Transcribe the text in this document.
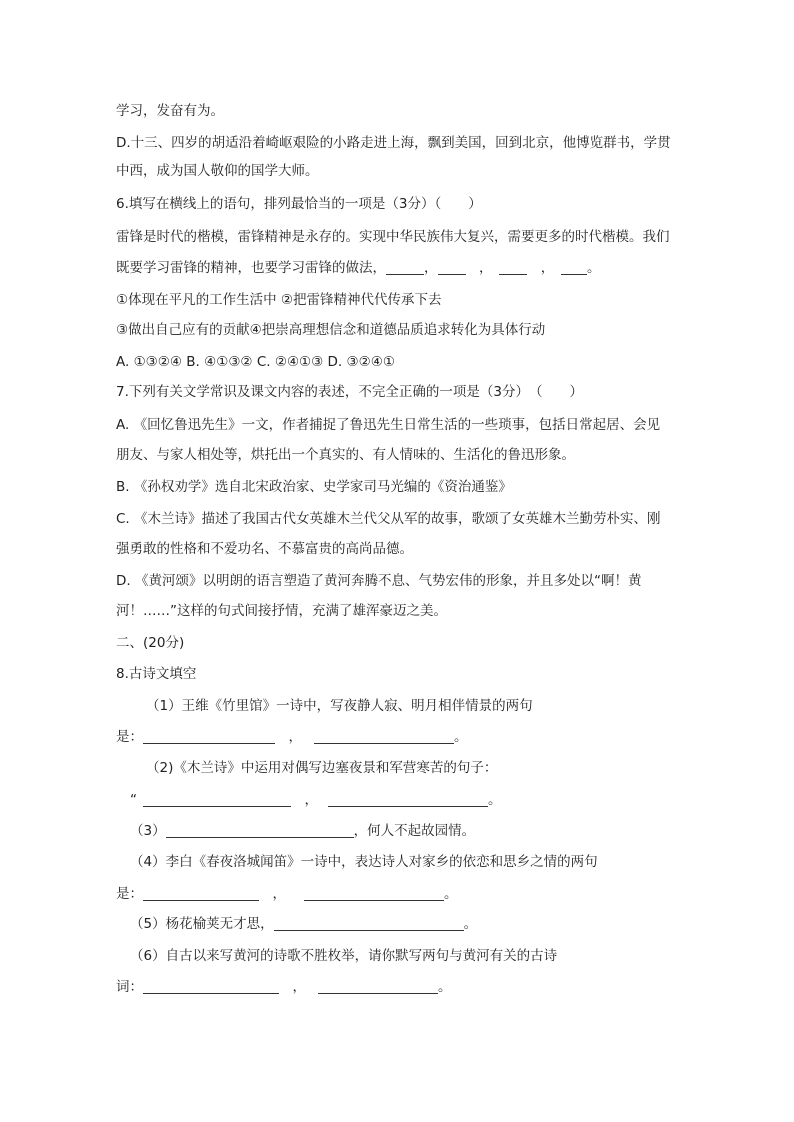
学习，发奋有为。
D.十三、四岁的胡适沿着崎岖艰险的小路走进上海，飘到美国，回到北京，他博览群书，学贯
中西，成为国人敬仰的国学大师。
6.填写在横线上的语句，排列最恰当的一项是（3分）（　　）
雷锋是时代的楷模，雷锋精神是永存的。实现中华民族伟大复兴，需要更多的时代楷模。我们
既要学习雷锋的精神，也要学习雷锋的做法，	，　，　　，　。
①体现在平凡的工作生活中 ②把雷锋精神代代传承下去
③做出自己应有的贡献④把崇高理想信念和道德品质追求转化为具体行动
A. ①③②④ B. ④①③② C. ②④①③ D. ③②④①
7.下列有关文学常识及课文内容的表述，不完全正确的一项是（3分）　（　　）
A. 《回忆鲁迅先生》一文，作者捕捉了鲁迅先生日常生活的一些琐事，包括日常起居、会见
朋友、与家人相处等，烘托出一个真实的、有人情味的、生活化的鲁迅形象。
B. 《孙权劝学》选自北宋政治家、史学家司马光编的《资治通鉴》
C. 《木兰诗》描述了我国古代女英雄木兰代父从军的故事，歌颂了女英雄木兰勤劳朴实、刚
强勇敢的性格和不爱功名、不慕富贵的高尚品德。
D. 《黄河颂》以明朗的语言塑造了黄河奔腾不息、气势宏伟的形象，并且多处以“啊！黄
河！……”这样的句式间接抒情，充满了雄浑豪迈之美。
二、(20分)
8.古诗文填空
（1）王维《竹里馆》一诗中，写夜静人寂、明月相伴情景的两句
是：	　，	。
（2)《木兰诗》中运用对偶写边塞夜景和军营寒苦的句子：
“	　，	。
（3）	，何人不起故园情。
（4）李白《春夜洛城闻笛》一诗中，表达诗人对家乡的依恋和思乡之情的两句
是：	　，	。
（5）杨花榆荚无才思，	。
（6）自古以来写黄河的诗歌不胜枚举，请你默写两句与黄河有关的古诗
词：	　，	。
